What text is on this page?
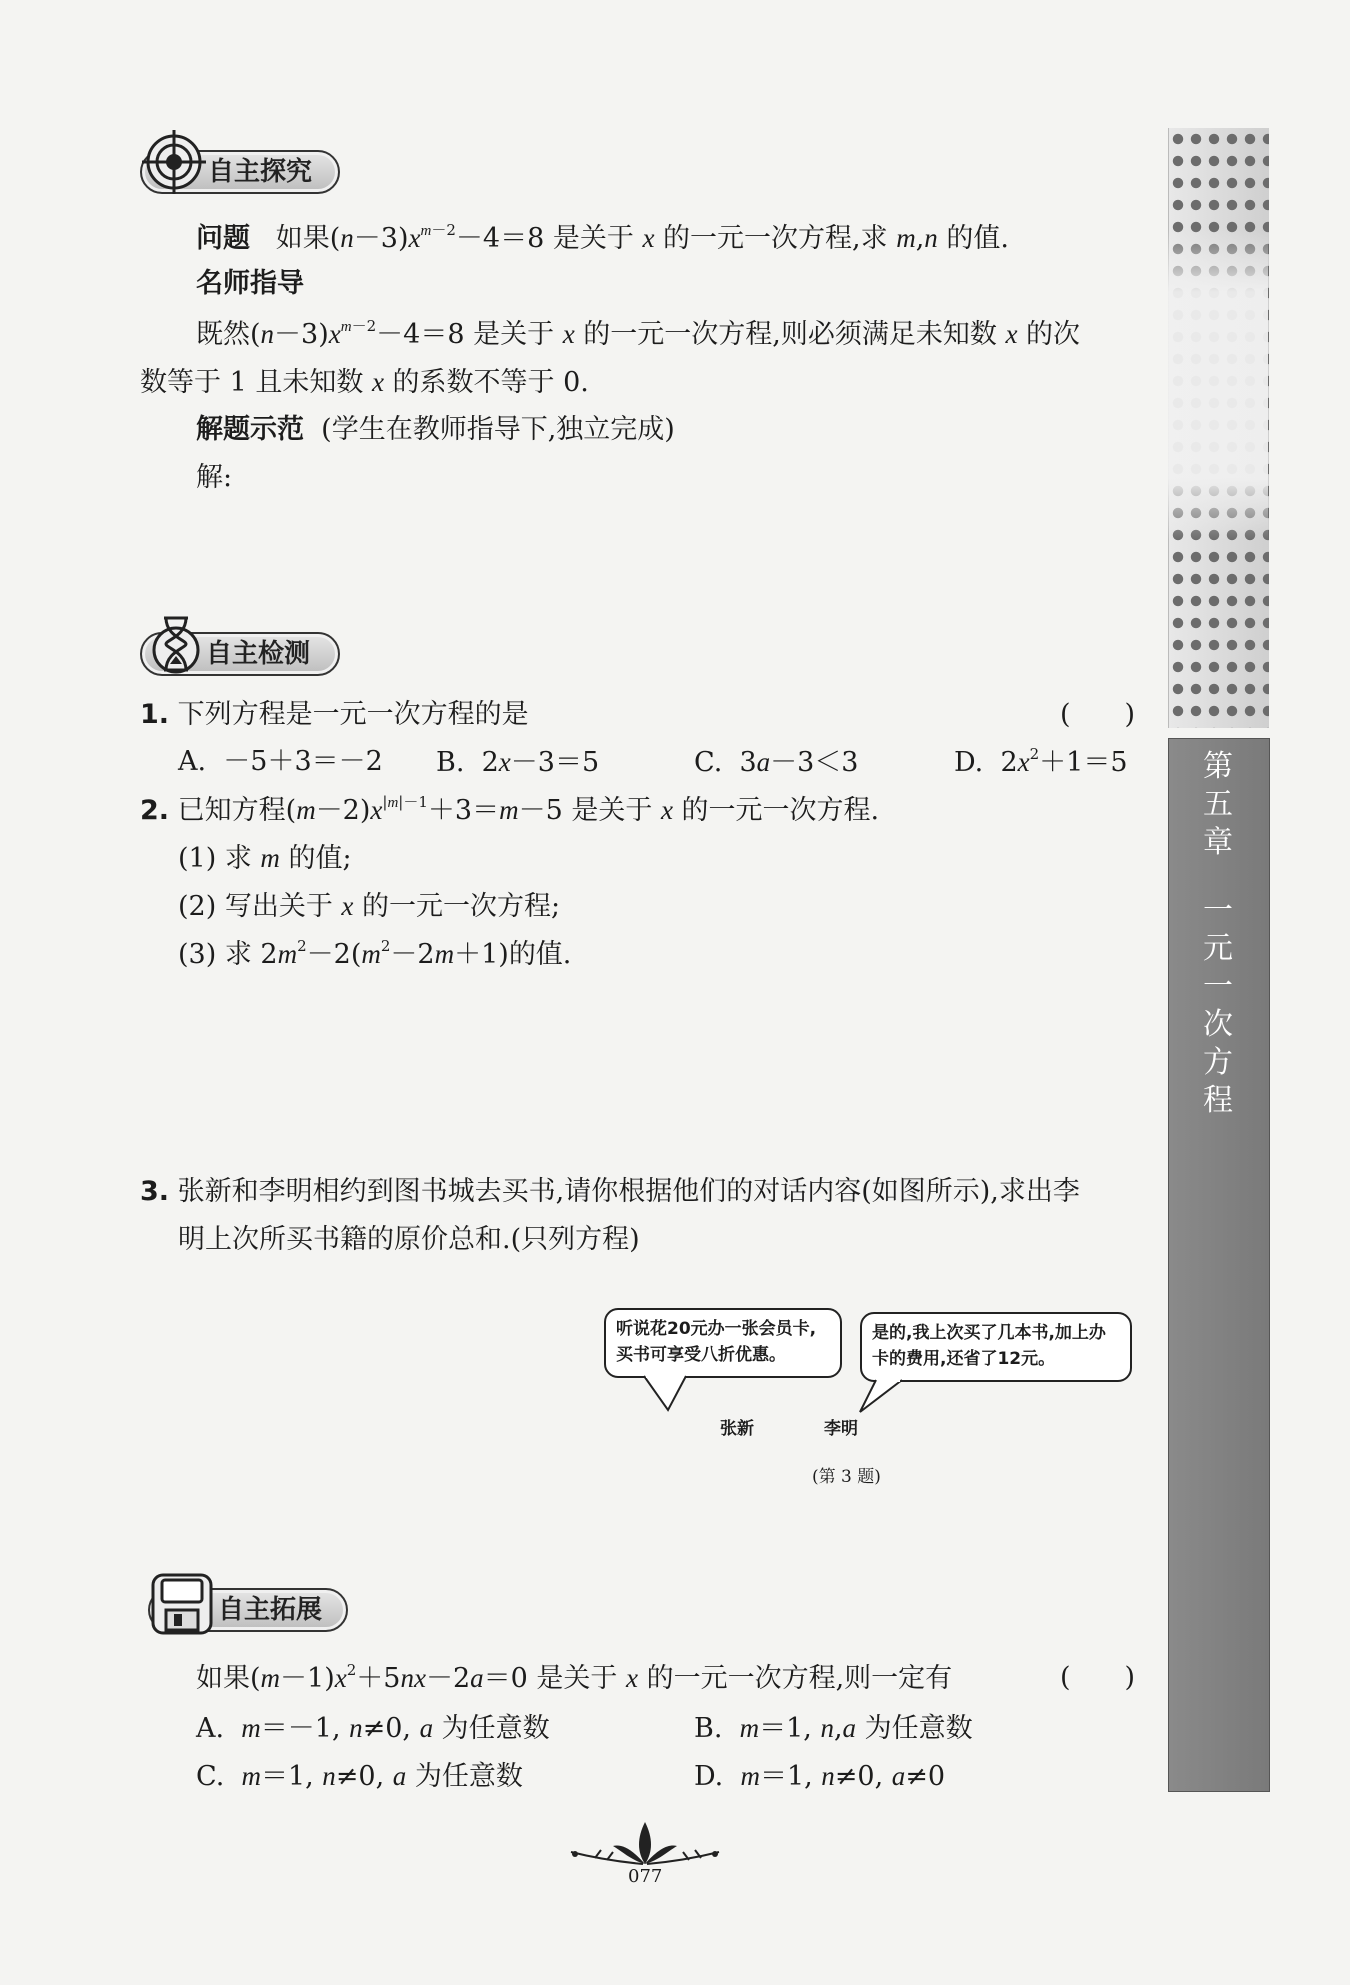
第
五
章
一
元
一
次
方
程
自主探究
问题 如果$(n-3)x^{m-2}-4=8$ 是关于 x 的一元一次方程,求 m,n 的值.
名师指导
既然$(n-3)x^{m-2}-4=8$ 是关于 x 的一元一次方程,则必须满足未知数 x 的次
数等于 1 且未知数 x 的系数不等于 0.
解题示范 (学生在教师指导下,独立完成)
解:
自主检测
1. 下列方程是一元一次方程的是	(　　)
A. －5＋3＝－2 B.  2x－3＝5	C.  3a－3＜3	D.  $2x^2+1=5$
2. 已知方程$(m-2)x^{|m|-1}+3=m-5$ 是关于 x 的一元一次方程.
(1) 求 m 的值;
(2) 写出关于 x 的一元一次方程;
(3) 求 $2m^2-2(m^2-2m+1)$的值.
3. 张新和李明相约到图书城去买书,请你根据他们的对话内容(如图所示),求出李
明上次所买书籍的原价总和.(只列方程)
听说花20元办一张会员卡,买书可享受八折优惠。
是的,我上次买了几本书,加上办卡的费用,还省了12元。
张新	李明
(第 3 题)
自主拓展
如果$(m-1)x^2+5nx-2a=0$ 是关于 x 的一元一次方程,则一定有	(　　)
A. m＝－1, n≠0, a 为任意数	B. m＝1, n,a 为任意数
C. m＝1, n≠0, a 为任意数	D. m＝1, n≠0, a≠0
077
